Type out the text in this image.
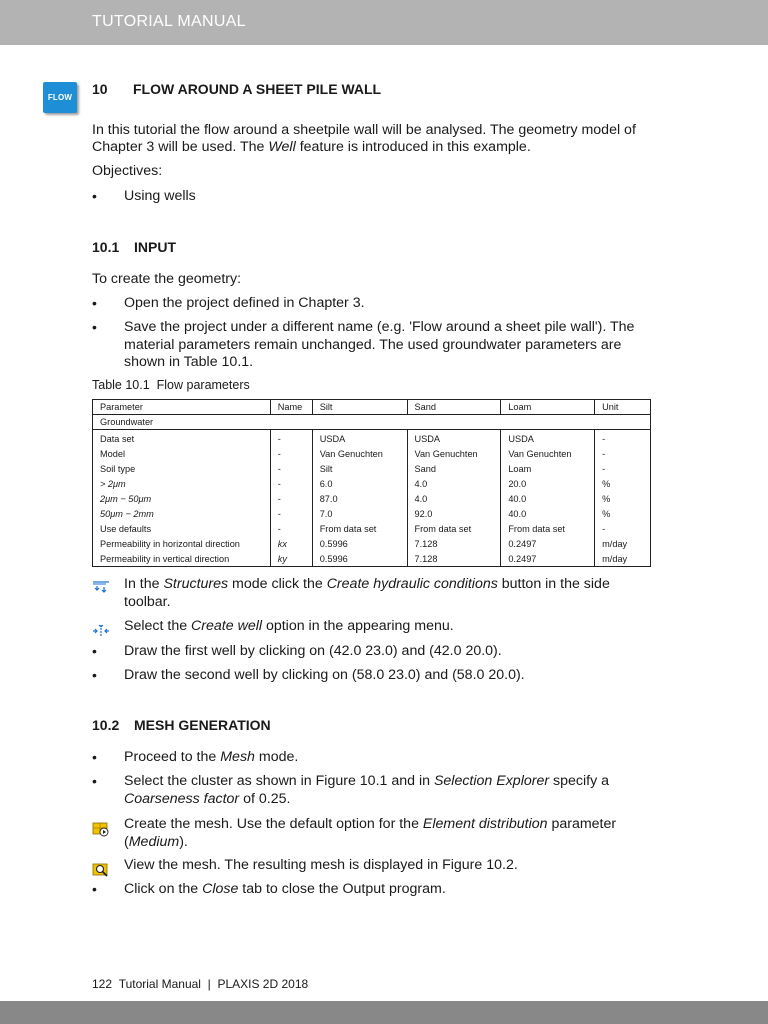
TUTORIAL MANUAL
FLOW
10 FLOW AROUND A SHEET PILE WALL
In this tutorial the flow around a sheetpile wall will be analysed. The geometry model of
Chapter 3 will be used. The Well feature is introduced in this example.
Objectives:
• Using wells
10.1 INPUT
To create the geometry:
• Open the project defined in Chapter 3.
• Save the project under a different name (e.g. 'Flow around a sheet pile wall'). The
material parameters remain unchanged. The used groundwater parameters are
shown in Table 10.1.
Table 10.1 Flow parameters
Parameter	Name	Silt	Sand	Loam	Unit
Groundwater					
Data set	-	USDA	USDA	USDA	-
Model	-	Van Genuchten	Van Genuchten	Van Genuchten	-
Soil type	-	Silt	Sand	Loam	-
> 2μm	-	6.0	4.0	20.0	%
2μm − 50μm	-	87.0	4.0	40.0	%
50μm − 2mm	-	7.0	92.0	40.0	%
Use defaults	-	From data set	From data set	From data set	-
Permeability in horizontal direction	kx	0.5996	7.128	0.2497	m/day
Permeability in vertical direction	ky	0.5996	7.128	0.2497	m/day
In the Structures mode click the Create hydraulic conditions button in the side
toolbar.
Select the Create well option in the appearing menu.
• Draw the first well by clicking on (42.0 23.0) and (42.0 20.0).
• Draw the second well by clicking on (58.0 23.0) and (58.0 20.0).
10.2 MESH GENERATION
• Proceed to the Mesh mode.
• Select the cluster as shown in Figure 10.1 and in Selection Explorer specify a
Coarseness factor of 0.25.
Create the mesh. Use the default option for the Element distribution parameter
(Medium).
View the mesh. The resulting mesh is displayed in Figure 10.2.
• Click on the Close tab to close the Output program.
122 Tutorial Manual | PLAXIS 2D 2018
